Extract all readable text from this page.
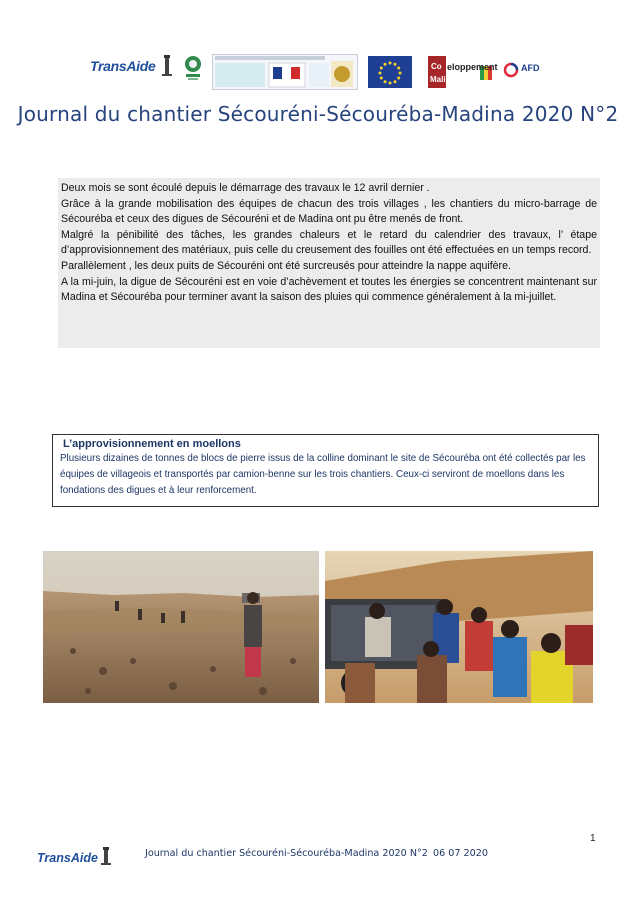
TransAide
	Co
Mali
eloppement	AFD
Journal du chantier Sécouréni-Sécouréba-Madina 2020 N°2

Deux mois se sont écoulé depuis le démarrage des travaux le 12 avril dernier .

Grâce à la grande mobilisation des équipes de chacun des trois villages , les chantiers du micro-barrage de Sécouréba et ceux des digues de Sécouréni et de Madina ont pu être menés de front.

Malgré la pénibilité des tâches, les grandes chaleurs et le retard du calendrier des travaux, l’ étape d’approvisionnement des matériaux, puis celle du creusement des fouilles ont été effectuées en un temps record.

Parallèlement , les deux puits de Sécouréni ont été surcreusés pour atteindre la nappe aquifère.

A la mi-juin, la digue de Sécouréni est en voie d’achèvement et toutes les énergies se concentrent maintenant sur Madina et Sécouréba pour terminer avant la saison des pluies qui commence généralement à la mi-juillet.

L’approvisionnement en moellons
Plusieurs dizaines de tonnes de blocs de pierre issus de la colline dominant le site de Sécouréba ont été collectés par les équipes de villageois et transportés par camion-benne sur les trois chantiers. Ceux-ci serviront de moellons dans les fondations des digues et à leur renforcement.
1
TransAide
	Journal du chantier Sécouréni-Sécouréba-Madina 2020 N°2 06 07 2020
